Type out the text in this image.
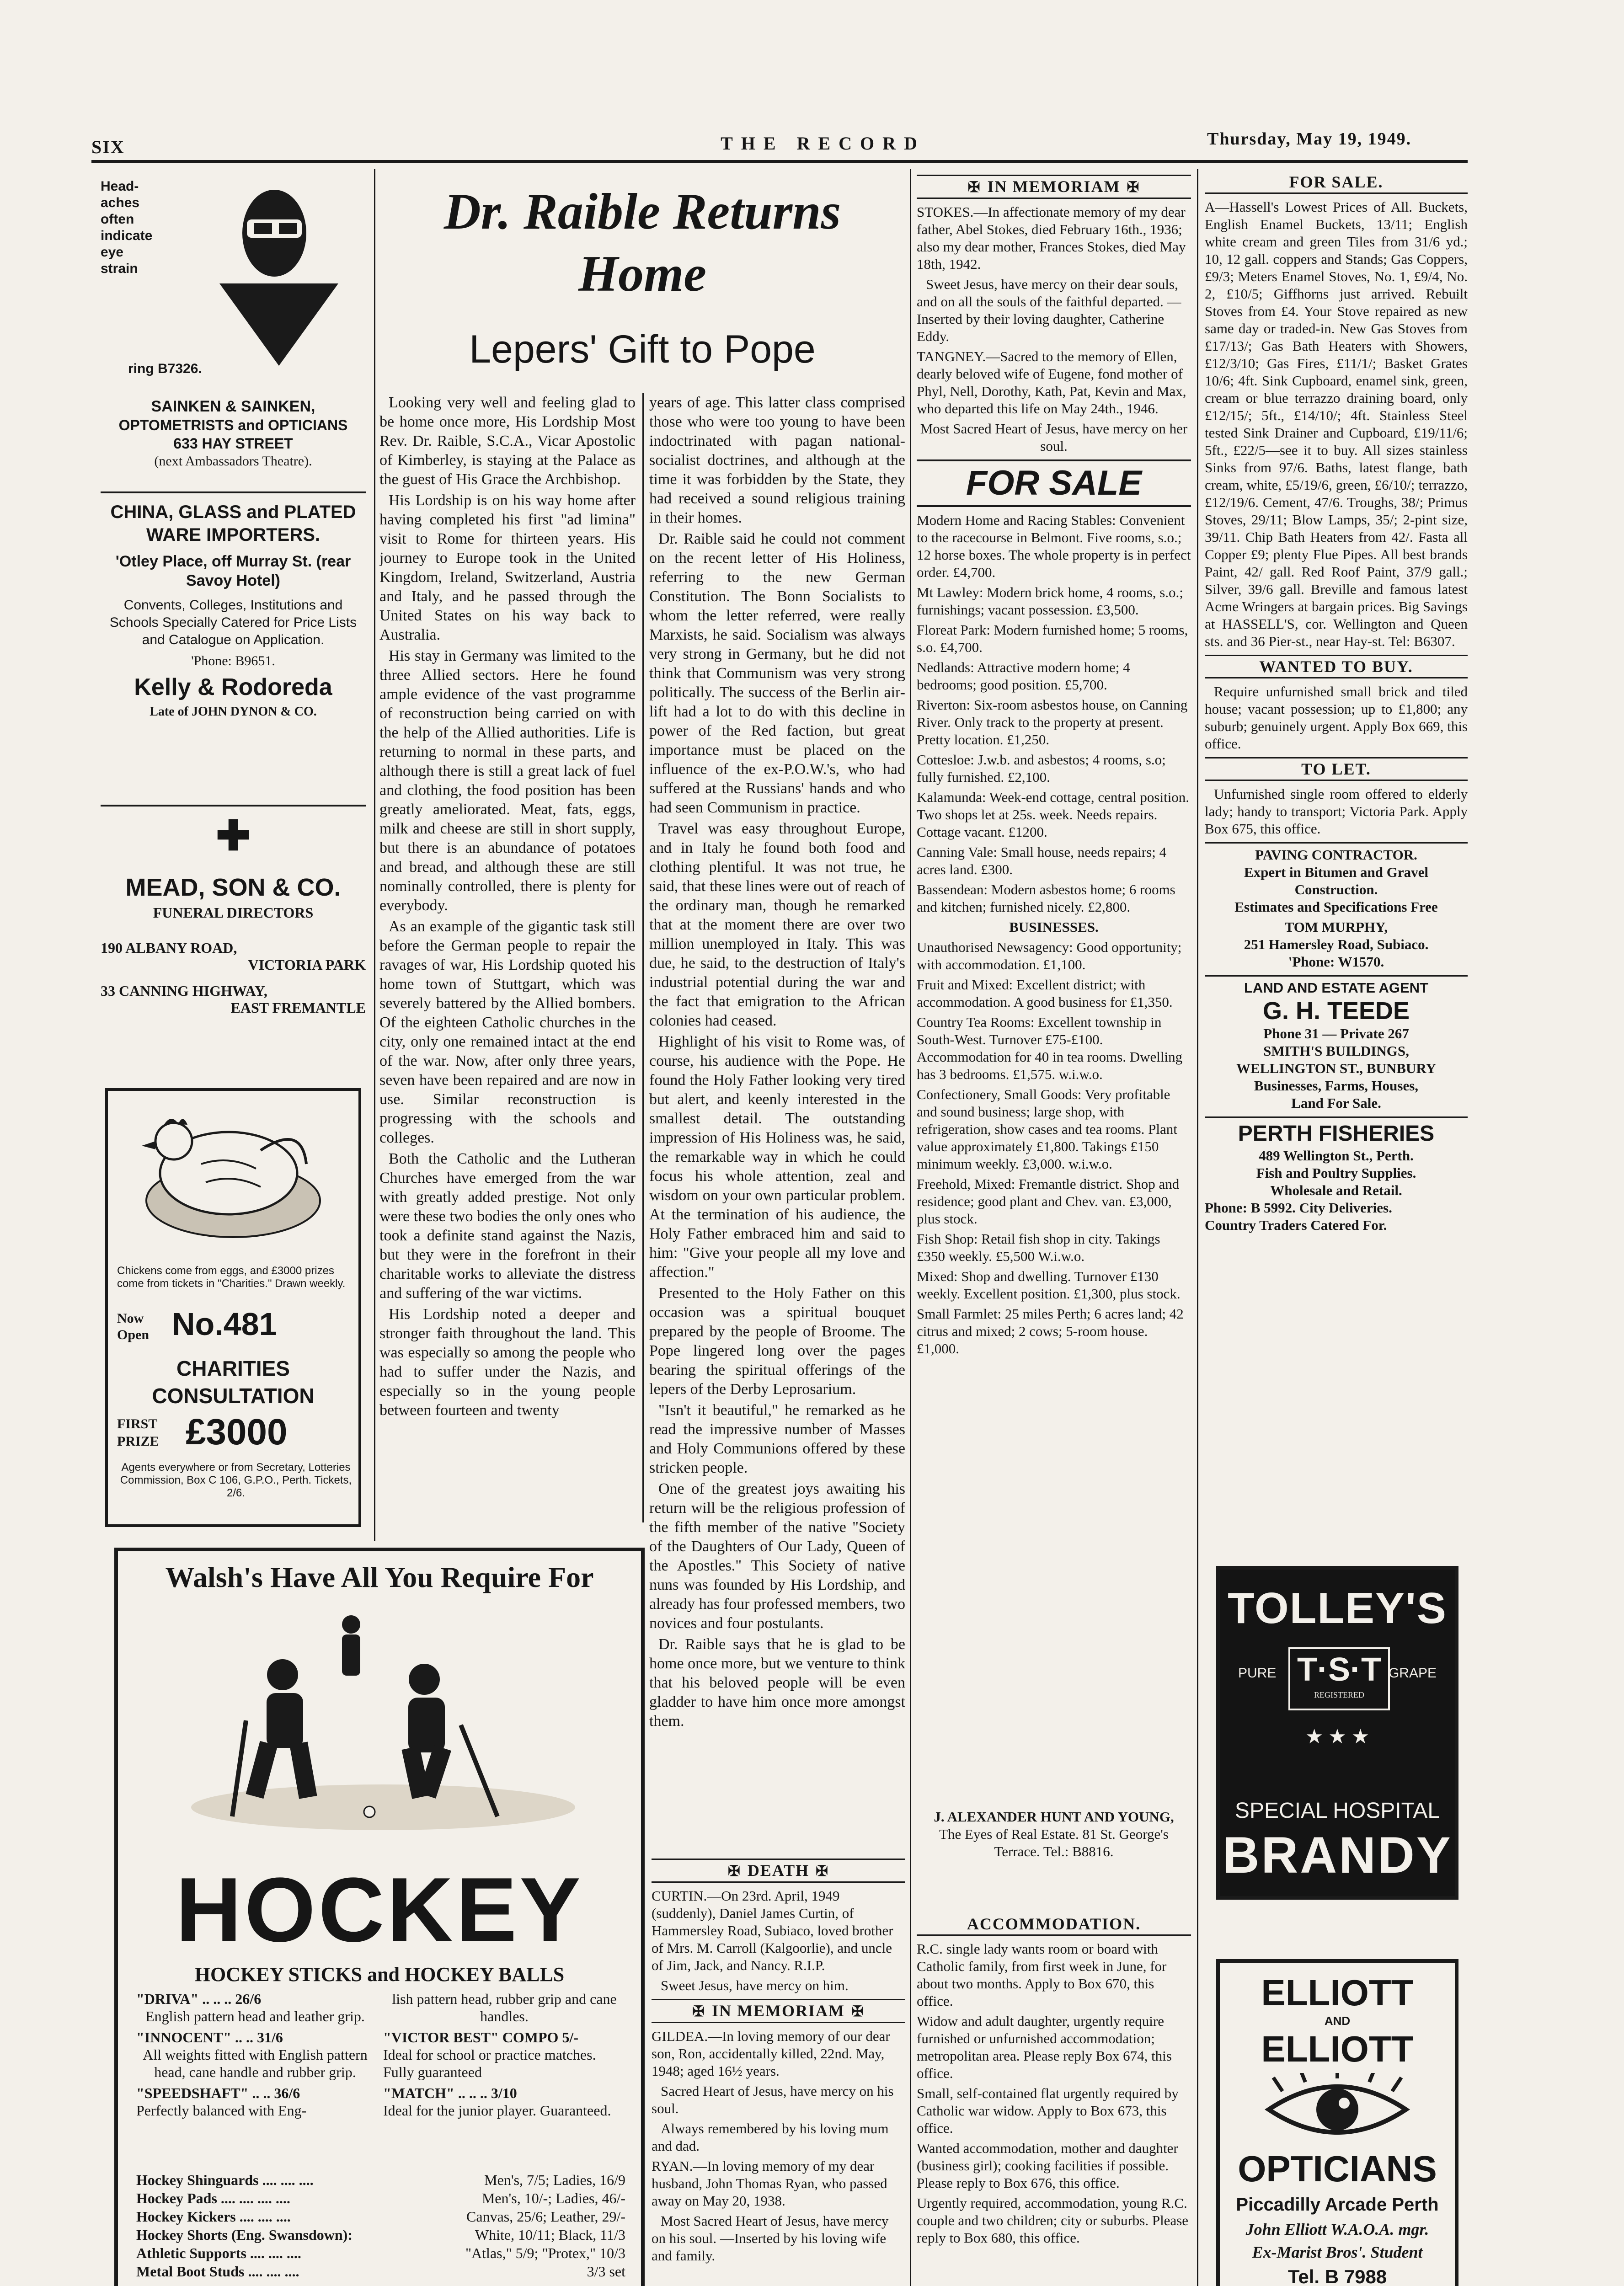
SIX	THE RECORD	Thursday, May 19, 1949.
Head-aches often indicate eye strain
ring B7326.
SAINKEN & SAINKEN,
OPTOMETRISTS and OPTICIANS
633 HAY STREET
(next Ambassadors Theatre).
CHINA, GLASS and PLATED WARE IMPORTERS.
'Otley Place, off Murray St. (rear Savoy Hotel)
Convents, Colleges, Institutions and Schools Specially Catered for Price Lists and Catalogue on Application.
'Phone: B9651.
Kelly & Rodoreda
Late of JOHN DYNON & CO.
✚
MEAD, SON & CO.
FUNERAL DIRECTORS
190 ALBANY ROAD,
VICTORIA PARK
33 CANNING HIGHWAY,
EAST FREMANTLE
Chickens come from eggs, and £3000 prizes come from tickets in "Charities." Drawn weekly.
Now Open No.481
CHARITIES
CONSULTATION
FIRST PRIZE £3000
Agents everywhere or from Secretary, Lotteries Commission, Box C 106, G.P.O., Perth. Tickets, 2/6.
Dr. Raible Returns Home
Lepers' Gift to Pope

Looking very well and feeling glad to be home once more, His Lordship Most Rev. Dr. Raible, S.C.A., Vicar Apostolic of Kimberley, is staying at the Palace as the guest of His Grace the Archbishop.

His Lordship is on his way home after having completed his first "ad limina" visit to Rome for thirteen years. His journey to Europe took in the United Kingdom, Ireland, Switzerland, Austria and Italy, and he passed through the United States on his way back to Australia.

His stay in Germany was limited to the three Allied sectors. Here he found ample evidence of the vast programme of reconstruction being carried on with the help of the Allied authorities. Life is returning to normal in these parts, and although there is still a great lack of fuel and clothing, the food position has been greatly ameliorated. Meat, fats, eggs, milk and cheese are still in short supply, but there is an abundance of potatoes and bread, and although these are still nominally controlled, there is plenty for everybody.

As an example of the gigantic task still before the German people to repair the ravages of war, His Lordship quoted his home town of Stuttgart, which was severely battered by the Allied bombers. Of the eighteen Catholic churches in the city, only one remained intact at the end of the war. Now, after only three years, seven have been repaired and are now in use. Similar reconstruction is progressing with the schools and colleges.

Both the Catholic and the Lutheran Churches have emerged from the war with greatly added prestige. Not only were these two bodies the only ones who took a definite stand against the Nazis, but they were in the forefront in their charitable works to alleviate the distress and suffering of the war victims.

His Lordship noted a deeper and stronger faith throughout the land. This was especially so among the people who had to suffer under the Nazis, and especially so in the young people between fourteen and twenty

years of age. This latter class comprised those who were too young to have been indoctrinated with pagan national-socialist doctrines, and although at the time it was forbidden by the State, they had received a sound religious training in their homes.

Dr. Raible said he could not comment on the recent letter of His Holiness, referring to the new German Constitution. The Bonn Socialists to whom the letter referred, were really Marxists, he said. Socialism was always very strong in Germany, but he did not think that Communism was very strong politically. The success of the Berlin air-lift had a lot to do with this decline in power of the Red faction, but great importance must be placed on the influence of the ex-P.O.W.'s, who had suffered at the Russians' hands and who had seen Communism in practice.

Travel was easy throughout Europe, and in Italy he found both food and clothing plentiful. It was not true, he said, that these lines were out of reach of the ordinary man, though he remarked that at the moment there are over two million unemployed in Italy. This was due, he said, to the destruction of Italy's industrial potential during the war and the fact that emigration to the African colonies had ceased.

Highlight of his visit to Rome was, of course, his audience with the Pope. He found the Holy Father looking very tired but alert, and keenly interested in the smallest detail. The outstanding impression of His Holiness was, he said, the remarkable way in which he could focus his whole attention, zeal and wisdom on your own particular problem. At the termination of his audience, the Holy Father embraced him and said to him: "Give your people all my love and affection."

Presented to the Holy Father on this occasion was a spiritual bouquet prepared by the people of Broome. The Pope lingered long over the pages bearing the spiritual offerings of the lepers of the Derby Leprosarium.

"Isn't it beautiful," he remarked as he read the impressive number of Masses and Holy Communions offered by these stricken people.

One of the greatest joys awaiting his return will be the religious profession of the fifth member of the native "Society of the Daughters of Our Lady, Queen of the Apostles." This Society of native nuns was founded by His Lordship, and already has four professed members, two novices and four postulants.

Dr. Raible says that he is glad to be home once more, but we venture to think that his beloved people will be even gladder to have him once more amongst them.

Walsh's Have All You Require For
HOCKEY
HOCKEY STICKS and HOCKEY BALLS
"DRIVA" .. .. .. 26/6
English pattern head and leather grip.
"INNOCENT" .. .. 31/6
All weights fitted with English pattern head, cane handle and rubber grip.
"SPEEDSHAFT" .. .. 36/6
Perfectly balanced with Eng-
lish pattern head, rubber grip and cane handles.
"VICTOR BEST" COMPO 5/-
Ideal for school or practice matches. Fully guaranteed
"MATCH" .. .. .. 3/10
Ideal for the junior player. Guaranteed.
Hockey Shinguards .... .... ....	Men's, 7/5; Ladies, 16/9
Hockey Pads .... .... .... ....	Men's, 10/-; Ladies, 46/-
Hockey Kickers .... .... ....	Canvas, 25/6; Leather, 29/-
Hockey Shorts (Eng. Swansdown):	White, 10/11; Black, 11/3
Athletic Supports .... .... ....	"Atlas," 5/9; "Protex," 10/3
Metal Boot Studs .... .... ....	3/3 set
✠ IN MEMORIAM ✠
STOKES.—In affectionate memory of my dear father, Abel Stokes, died February 16th., 1936; also my dear mother, Frances Stokes, died May 18th, 1942.
Sweet Jesus, have mercy on their dear souls, and on all the souls of the faithful departed. —Inserted by their loving daughter, Catherine Eddy.
TANGNEY.—Sacred to the memory of Ellen, dearly beloved wife of Eugene, fond mother of Phyl, Nell, Dorothy, Kath, Pat, Kevin and Max, who departed this life on May 24th., 1946.
Most Sacred Heart of Jesus, have mercy on her soul.
FOR SALE
Modern Home and Racing Stables: Convenient to the racecourse in Belmont. Five rooms, s.o.; 12 horse boxes. The whole property is in perfect order. £4,700.
Mt Lawley: Modern brick home, 4 rooms, s.o.; furnishings; vacant possession. £3,500.
Floreat Park: Modern furnished home; 5 rooms, s.o. £4,700.
Nedlands: Attractive modern home; 4 bedrooms; good position. £5,700.
Riverton: Six-room asbestos house, on Canning River. Only track to the property at present. Pretty location. £1,250.
Cottesloe: J.w.b. and asbestos; 4 rooms, s.o; fully furnished. £2,100.
Kalamunda: Week-end cottage, central position. Two shops let at 25s. week. Needs repairs. Cottage vacant. £1200.
Canning Vale: Small house, needs repairs; 4 acres land. £300.
Bassendean: Modern asbestos home; 6 rooms and kitchen; furnished nicely. £2,800.
BUSINESSES.
Unauthorised Newsagency: Good opportunity; with accommodation. £1,100.
Fruit and Mixed: Excellent district; with accommodation. A good business for £1,350.
Country Tea Rooms: Excellent township in South-West. Turnover £75-£100. Accommodation for 40 in tea rooms. Dwelling has 3 bedrooms. £1,575. w.i.w.o.
Confectionery, Small Goods: Very profitable and sound business; large shop, with refrigeration, show cases and tea rooms. Plant value approximately £1,800. Takings £150 minimum weekly. £3,000. w.i.w.o.
Freehold, Mixed: Fremantle district. Shop and residence; good plant and Chev. van. £3,000, plus stock.
Fish Shop: Retail fish shop in city. Takings £350 weekly. £5,500 W.i.w.o.
Mixed: Shop and dwelling. Turnover £130 weekly. Excellent position. £1,300, plus stock.
Small Farmlet: 25 miles Perth; 6 acres land; 42 citrus and mixed; 2 cows; 5-room house. £1,000.
J. ALEXANDER HUNT AND YOUNG,
The Eyes of Real Estate. 81 St. George's Terrace. Tel.: B8816.
ACCOMMODATION.
R.C. single lady wants room or board with Catholic family, from first week in June, for about two months. Apply to Box 670, this office.
Widow and adult daughter, urgently require furnished or unfurnished accommodation; metropolitan area. Please reply Box 674, this office.
Small, self-contained flat urgently required by Catholic war widow. Apply to Box 673, this office.
Wanted accommodation, mother and daughter (business girl); cooking facilities if possible. Please reply to Box 676, this office.
Urgently required, accommodation, young R.C. couple and two children; city or suburbs. Please reply to Box 680, this office.
✠ DEATH ✠
CURTIN.—On 23rd. April, 1949 (suddenly), Daniel James Curtin, of Hammersley Road, Subiaco, loved brother of Mrs. M. Carroll (Kalgoorlie), and uncle of Jim, Jack, and Nancy. R.I.P.
Sweet Jesus, have mercy on him.
✠ IN MEMORIAM ✠
GILDEA.—In loving memory of our dear son, Ron, accidentally killed, 22nd. May, 1948; aged 16½ years.
Sacred Heart of Jesus, have mercy on his soul.
Always remembered by his loving mum and dad.
RYAN.—In loving memory of my dear husband, John Thomas Ryan, who passed away on May 20, 1938.
Most Sacred Heart of Jesus, have mercy on his soul. —Inserted by his loving wife and family.
FOR SALE.
A—Hassell's Lowest Prices of All. Buckets, English Enamel Buckets, 13/11; English white cream and green Tiles from 31/6 yd.; 10, 12 gall. coppers and Stands; Gas Coppers, £9/3; Meters Enamel Stoves, No. 1, £9/4, No. 2, £10/5; Giffhorns just arrived. Rebuilt Stoves from £4. Your Stove repaired as new same day or traded-in. New Gas Stoves from £17/13/; Gas Bath Heaters with Showers, £12/3/10; Gas Fires, £11/1/; Basket Grates 10/6; 4ft. Sink Cupboard, enamel sink, green, cream or blue terrazzo draining board, only £12/15/; 5ft., £14/10/; 4ft. Stainless Steel tested Sink Drainer and Cupboard, £19/11/6; 5ft., £22/5—see it to buy. All sizes stainless Sinks from 97/6. Baths, latest flange, bath cream, white, £5/19/6, green, £6/10/; terrazzo, £12/19/6. Cement, 47/6. Troughs, 38/; Primus Stoves, 29/11; Blow Lamps, 35/; 2-pint size, 39/11. Chip Bath Heaters from 42/. Fasta all Copper £9; plenty Flue Pipes. All best brands Paint, 42/ gall. Red Roof Paint, 37/9 gall.; Silver, 39/6 gall. Breville and famous latest Acme Wringers at bargain prices. Big Savings at HASSELL'S, cor. Wellington and Queen sts. and 36 Pier-st., near Hay-st. Tel: B6307.
WANTED TO BUY.
Require unfurnished small brick and tiled house; vacant possession; up to £1,800; any suburb; genuinely urgent. Apply Box 669, this office.
TO LET.
Unfurnished single room offered to elderly lady; handy to transport; Victoria Park. Apply Box 675, this office.
PAVING CONTRACTOR.
Expert in Bitumen and Gravel Construction.
Estimates and Specifications Free
TOM MURPHY,
251 Hamersley Road, Subiaco.
'Phone: W1570.
LAND AND ESTATE AGENT
G. H. TEEDE
Phone 31 — Private 267
SMITH'S BUILDINGS,
WELLINGTON ST., BUNBURY
Businesses, Farms, Houses,
Land For Sale.
PERTH FISHERIES
489 Wellington St., Perth.
Fish and Poultry Supplies.
Wholesale and Retail.
Phone: B 5992. City Deliveries.
Country Traders Catered For.
TOLLEY'S
PURE	GRAPE
T·S·T
REGISTERED
★ ★ ★
SPECIAL HOSPITAL
BRANDY
ELLIOTT
AND
ELLIOTT
OPTICIANS
Piccadilly Arcade Perth
John Elliott W.A.O.A. mgr.
Ex-Marist Bros'. Student
Tel. B 7988
